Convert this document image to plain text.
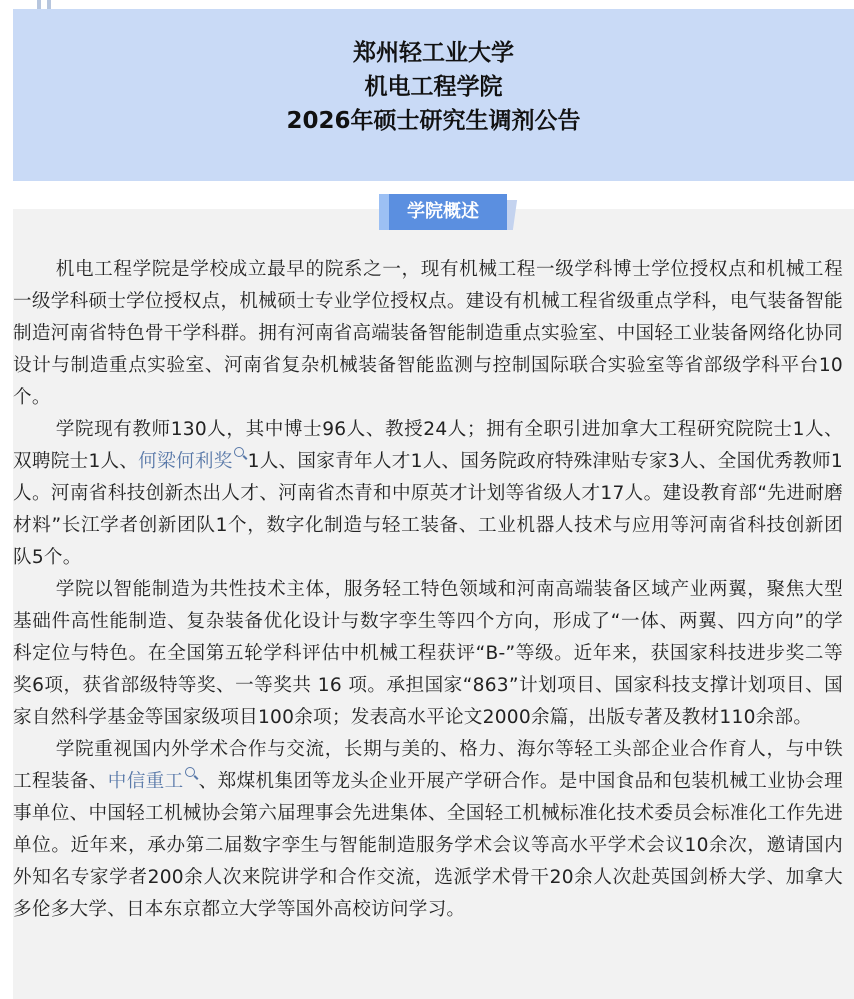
郑州轻工业大学
机电工程学院
2026年硕士研究生调剂公告
学院概述

机电工程学院是学校成立最早的院系之一，现有机械工程一级学科博士学位授权点和机械工程一级学科硕士学位授权点，机械硕士专业学位授权点。建设有机械工程省级重点学科，电气装备智能制造河南省特色骨干学科群。拥有河南省高端装备智能制造重点实验室、中国轻工业装备网络化协同设计与制造重点实验室、河南省复杂机械装备智能监测与控制国际联合实验室等省部级学科平台10个。

学院现有教师130人，其中博士96人、教授24人；拥有全职引进加拿大工程研究院院士1人、双聘院士1人、何梁何利奖 1人、国家青年人才1人、国务院政府特殊津贴专家3人、全国优秀教师1人。河南省科技创新杰出人才、河南省杰青和中原英才计划等省级人才17人。建设教育部“先进耐磨材料”长江学者创新团队1个，数字化制造与轻工装备、工业机器人技术与应用等河南省科技创新团队5个。

学院以智能制造为共性技术主体，服务轻工特色领域和河南高端装备区域产业两翼，聚焦大型基础件高性能制造、复杂装备优化设计与数字孪生等四个方向，形成了“一体、两翼、四方向”的学科定位与特色。在全国第五轮学科评估中机械工程获评“B-”等级。近年来，获国家科技进步奖二等奖6项，获省部级特等奖、一等奖共 16 项。承担国家“863”计划项目、国家科技支撑计划项目、国家自然科学基金等国家级项目100余项；发表高水平论文2000余篇，出版专著及教材110余部。

学院重视国内外学术合作与交流，长期与美的、格力、海尔等轻工头部企业合作育人，与中铁工程装备、中信重工 、郑煤机集团等龙头企业开展产学研合作。是中国食品和包装机械工业协会理事单位、中国轻工机械协会第六届理事会先进集体、全国轻工机械标准化技术委员会标准化工作先进单位。近年来，承办第二届数字孪生与智能制造服务学术会议等高水平学术会议10余次，邀请国内外知名专家学者200余人次来院讲学和合作交流，选派学术骨干20余人次赴英国剑桥大学、加拿大多伦多大学、日本东京都立大学等国外高校访问学习。
